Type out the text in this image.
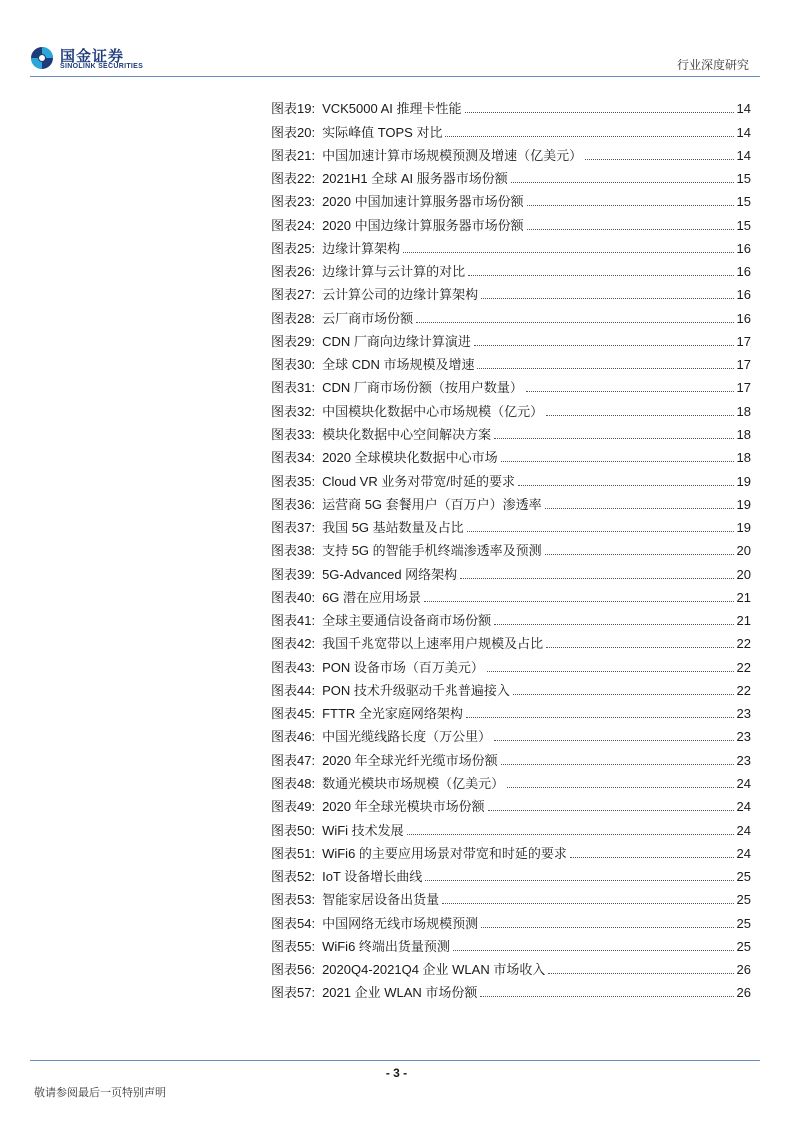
国金证券
SINOLINK SECURITIES	行业深度研究
图表19: VCK5000 AI 推理卡性能	14
图表20: 实际峰值 TOPS 对比	14
图表21: 中国加速计算市场规模预测及增速（亿美元）	14
图表22: 2021H1 全球 AI 服务器市场份额	15
图表23: 2020 中国加速计算服务器市场份额	15
图表24: 2020 中国边缘计算服务器市场份额	15
图表25: 边缘计算架构	16
图表26: 边缘计算与云计算的对比	16
图表27: 云计算公司的边缘计算架构	16
图表28: 云厂商市场份额	16
图表29: CDN 厂商向边缘计算演进	17
图表30: 全球 CDN 市场规模及增速	17
图表31: CDN 厂商市场份额（按用户数量）	17
图表32: 中国模块化数据中心市场规模（亿元）	18
图表33: 模块化数据中心空间解决方案	18
图表34: 2020 全球模块化数据中心市场	18
图表35: Cloud VR 业务对带宽/时延的要求	19
图表36: 运营商 5G 套餐用户（百万户）渗透率	19
图表37: 我国 5G 基站数量及占比	19
图表38: 支持 5G 的智能手机终端渗透率及预测	20
图表39: 5G-Advanced 网络架构	20
图表40: 6G 潜在应用场景	21
图表41: 全球主要通信设备商市场份额	21
图表42: 我国千兆宽带以上速率用户规模及占比	22
图表43: PON 设备市场（百万美元）	22
图表44: PON 技术升级驱动千兆普遍接入	22
图表45: FTTR 全光家庭网络架构	23
图表46: 中国光缆线路长度（万公里）	23
图表47: 2020 年全球光纤光缆市场份额	23
图表48: 数通光模块市场规模（亿美元）	24
图表49: 2020 年全球光模块市场份额	24
图表50: WiFi 技术发展	24
图表51: WiFi6 的主要应用场景对带宽和时延的要求	24
图表52: IoT 设备增长曲线	25
图表53: 智能家居设备出货量	25
图表54: 中国网络无线市场规模预测	25
图表55: WiFi6 终端出货量预测	25
图表56: 2020Q4-2021Q4 企业 WLAN 市场收入	26
图表57: 2021 企业 WLAN 市场份额	26
- 3 -
敬请参阅最后一页特别声明
